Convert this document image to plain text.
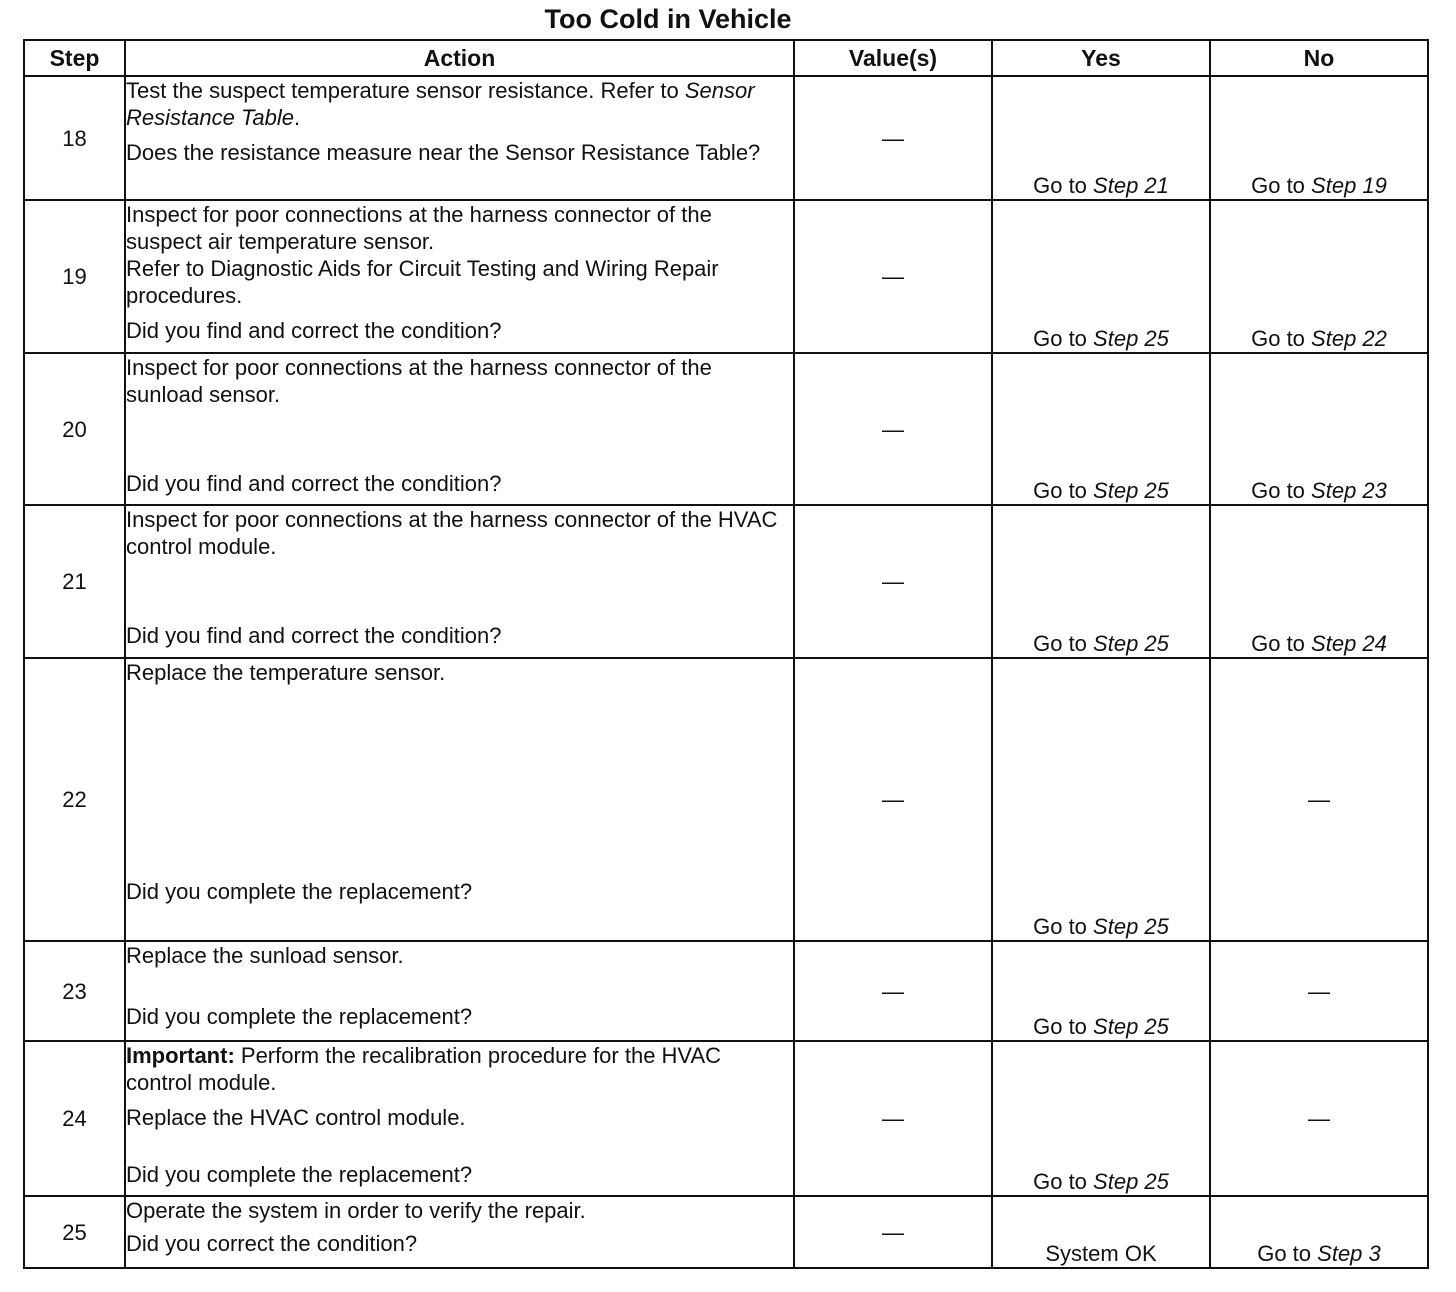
Too Cold in Vehicle
Step	Action	Value(s)	Yes	No
18	Test the suspect temperature sensor resistance. Refer to Sensor Resistance Table.

Does the resistance measure near the Sensor Resistance Table?	—	Go to Step 21	Go to Step 19
19	Inspect for poor connections at the harness connector of the suspect air temperature sensor.

Refer to Diagnostic Aids for Circuit Testing and Wiring Repair procedures.

Did you find and correct the condition?	—	Go to Step 25	Go to Step 22
20	Inspect for poor connections at the harness connector of the sunload sensor.

Did you find and correct the condition?	—	Go to Step 25	Go to Step 23
21	Inspect for poor connections at the harness connector of the HVAC control module.

Did you find and correct the condition?	—	Go to Step 25	Go to Step 24
22	Replace the temperature sensor.

Did you complete the replacement?	—	Go to Step 25	—
23	Replace the sunload sensor.

Did you complete the replacement?	—	Go to Step 25	—
24	Important: Perform the recalibration procedure for the HVAC control module.

Replace the HVAC control module.

Did you complete the replacement?	—	Go to Step 25	—
25	Operate the system in order to verify the repair.

Did you correct the condition?	—	System OK	Go to Step 3
